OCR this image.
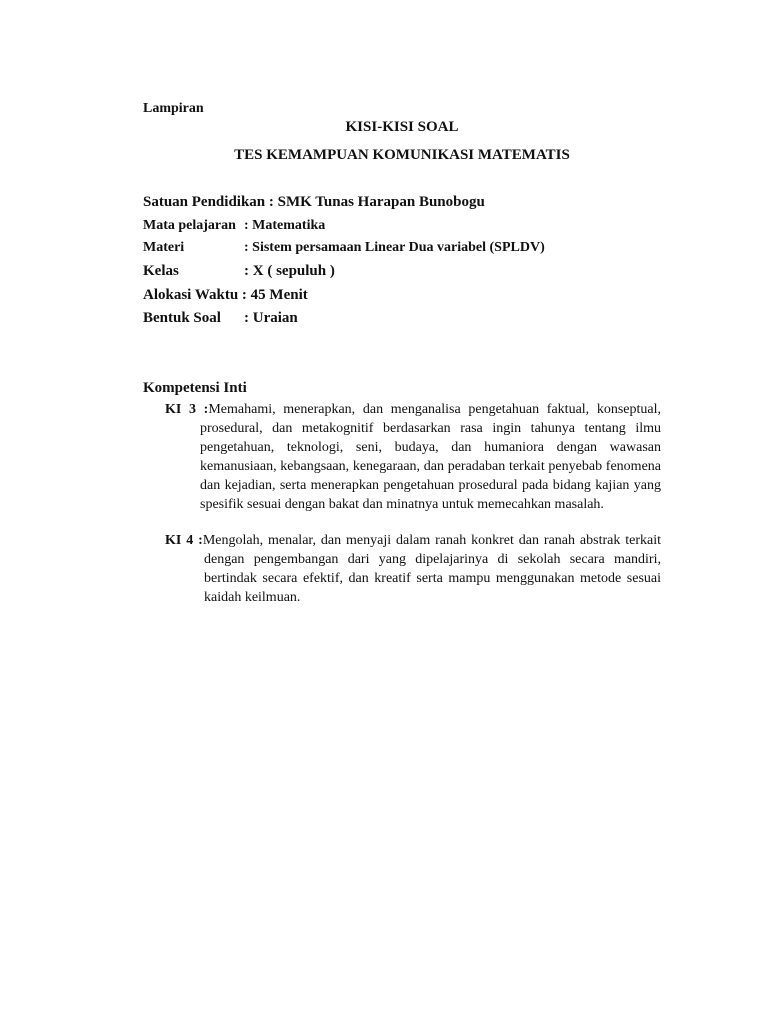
Lampiran
KISI-KISI SOAL
TES KEMAMPUAN KOMUNIKASI MATEMATIS
Satuan Pendidikan : SMK Tunas Harapan Bunobogu
Mata pelajaran : Matematika
Materi	: Sistem persamaan Linear Dua variabel (SPLDV)
Kelas	: X ( sepuluh )
Alokasi Waktu : 45 Menit
Bentuk Soal : Uraian
Kompetensi Inti
KI 3 :Memahami, menerapkan, dan menganalisa pengetahuan faktual, konseptual,
prosedural, dan metakognitif berdasarkan rasa ingin tahunya tentang ilmu
pengetahuan, teknologi, seni, budaya, dan humaniora dengan wawasan
kemanusiaan, kebangsaan, kenegaraan, dan peradaban terkait penyebab fenomena
dan kejadian, serta menerapkan pengetahuan prosedural pada bidang kajian yang
spesifik sesuai dengan bakat dan minatnya untuk memecahkan masalah.
KI 4 :Mengolah, menalar, dan menyaji dalam ranah konkret dan ranah abstrak terkait
dengan pengembangan dari yang dipelajarinya di sekolah secara mandiri,
bertindak secara efektif, dan kreatif serta mampu menggunakan metode sesuai
kaidah keilmuan.
